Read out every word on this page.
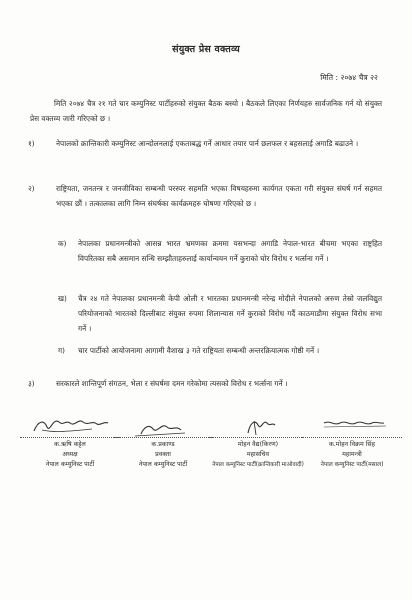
संयुक्त प्रेस वक्तव्य
मिति : २०७४ चैत्र २२
मिति २०७४ चैत्र २१ गते चार कम्युनिस्ट पार्टीहरुको संयुक्त बैठक बस्यो । बैठकले लिएका निर्णयहरु सार्वजनिक गर्न यो संयुक्त प्रेस वक्तव्य जारी गरिएको छ ।
१)	नेपालको क्रान्तिकारी कम्युनिस्ट आन्दोलनलाई एकताबद्ध गर्ने आधार तयार पार्न छलफल र बहसलाई अगाडि बढाउने ।
२)	राष्ट्रियता, जनतन्त्र र जनजीविका सम्बन्धी परस्पर सहमति भएका विषयहरुमा कार्यगत एकता गरी संयुक्त संघर्ष गर्न सहमत भएका छौं । तत्कालका लागि निम्न संघर्षका कार्यक्रमहरु घोषणा गरिएको छ ।
क) नेपालका प्रधानमन्त्रीको आसन्न भारत भ्रमणका क्रममा यसभन्दा अगाडि नेपाल-भारत बीचमा भएका राष्ट्रहित विपरितका सबै असमान सन्धि सम्झौताहरुलाई कार्यान्वयन गर्ने कुराको घोर विरोध र भर्त्सना गर्ने ।
ख) चैत्र २४ गते नेपालका प्रधानमन्त्री केपी ओली र भारतका प्रधानमन्त्री नरेन्द्र मोदीले नेपालको अरुण तेस्रो जलविद्युत परियोजनाको भारतको दिल्लीबाट संयुक्त रुपमा शिलान्यास गर्ने कुराको विरोध गर्दै काठमाडौमा संयुक्त विरोध सभा गर्ने ।
ग) चार पार्टीको आयोजनामा आगामी वैशाख ३ गते राष्ट्रियता सम्बन्धी अन्तरक्रियात्मक गोष्ठी गर्ने ।
३)	सरकारले शान्तिपूर्ण संगठन, भेला र संघर्षमा दमन गरेकोमा त्यसको विरोध र भर्त्सना गर्ने ।
क.ऋषि कट्टेल
अध्यक्ष
नेपाल कम्युनिस्ट पार्टी
क.प्रकाण्ड
प्रवक्ता
नेपाल कम्युनिस्ट पार्टी
मोहन वैद्य(किरण)
महासचिव
नेपाल कम्युनिस्ट पार्टी(क्रान्तिकारी माओवादी)
क.मोहन विक्रम सिंह
महामन्त्री
नेपाल कम्युनिस्ट पार्टी(मसाल)
